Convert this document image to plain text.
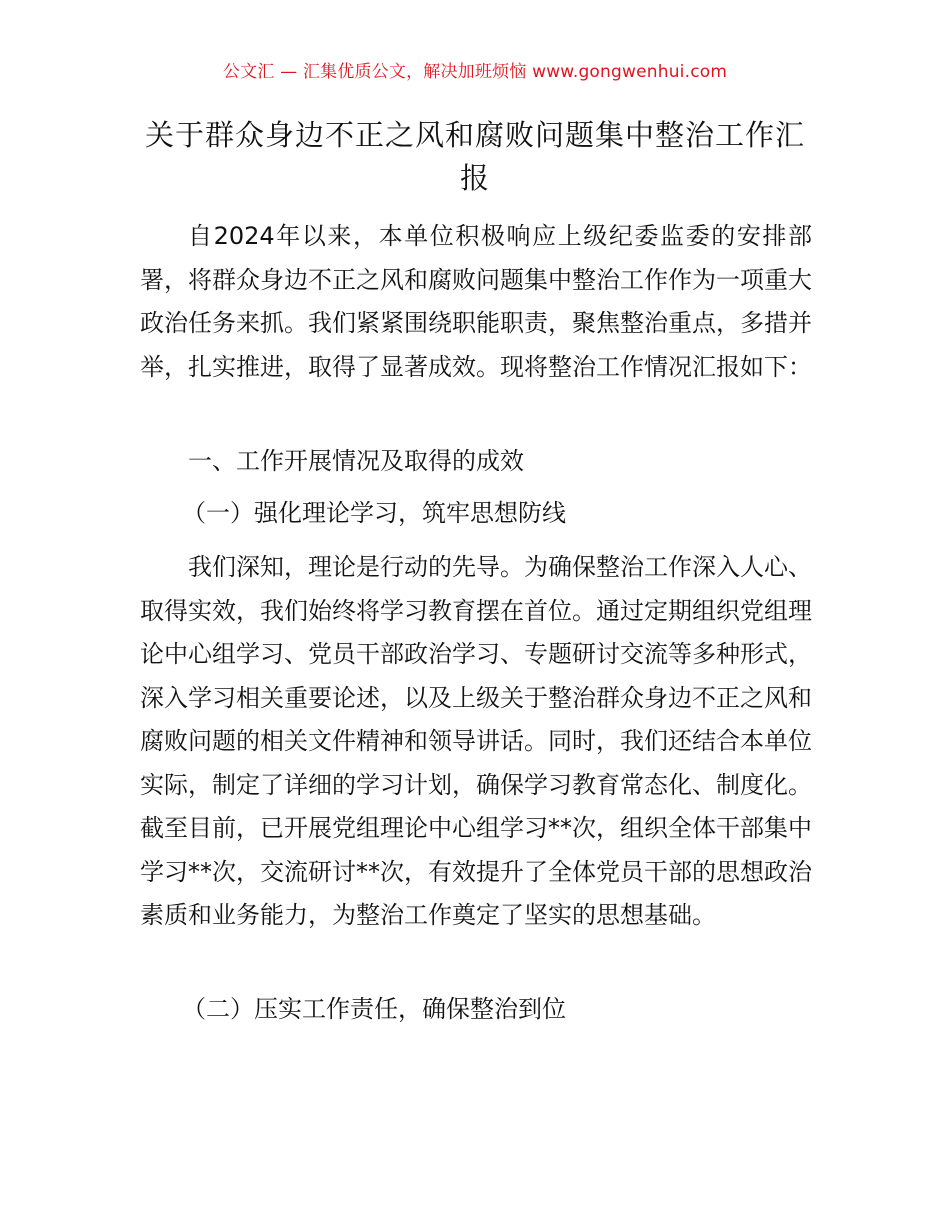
公文汇 — 汇集优质公文，解决加班烦恼 www.gongwenhui.com
关于群众身边不正之风和腐败问题集中整治工作汇报
自2024年以来，本单位积极响应上级纪委监委的安排部署，将群众身边不正之风和腐败问题集中整治工作作为一项重大政治任务来抓。我们紧紧围绕职能职责，聚焦整治重点，多措并举，扎实推进，取得了显著成效。现将整治工作情况汇报如下：
一、工作开展情况及取得的成效
（一）强化理论学习，筑牢思想防线
我们深知，理论是行动的先导。为确保整治工作深入人心、取得实效，我们始终将学习教育摆在首位。通过定期组织党组理论中心组学习、党员干部政治学习、专题研讨交流等多种形式，深入学习相关重要论述，以及上级关于整治群众身边不正之风和腐败问题的相关文件精神和领导讲话。同时，我们还结合本单位实际，制定了详细的学习计划，确保学习教育常态化、制度化。截至目前，已开展党组理论中心组学习**次，组织全体干部集中学习**次，交流研讨**次，有效提升了全体党员干部的思想政治素质和业务能力，为整治工作奠定了坚实的思想基础。
（二）压实工作责任，确保整治到位
